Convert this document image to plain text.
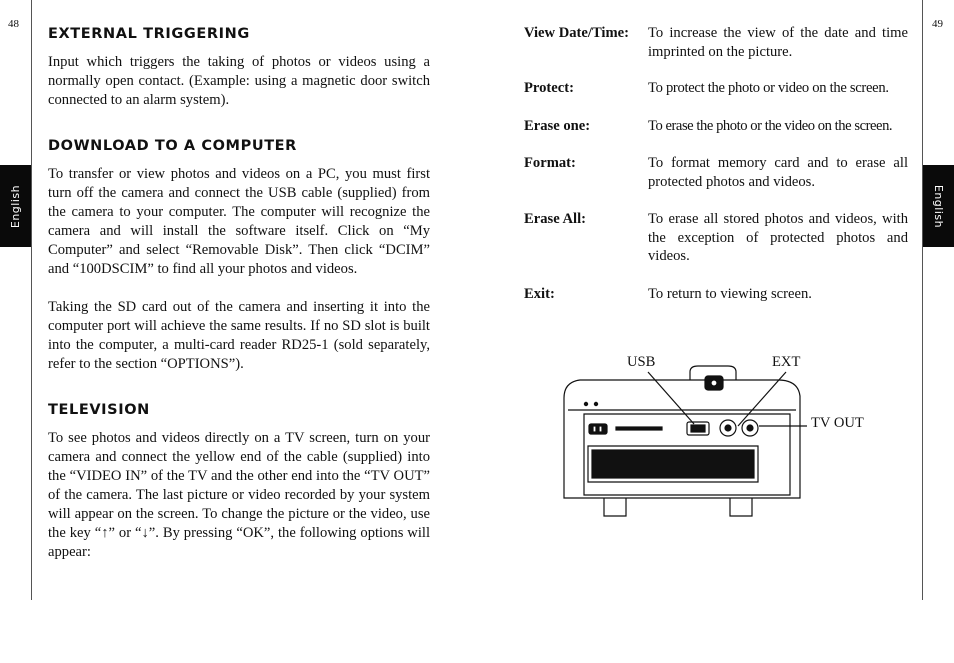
48	49
English	English
EXTERNAL TRIGGERING

Input which triggers the taking of photos or videos using a normally open contact. (Example: using a magnetic door switch connected to an alarm system).

DOWNLOAD TO A COMPUTER

To transfer or view photos and videos on a PC, you must first turn off the camera and connect the USB cable (supplied) from the camera to your computer. The computer will recognize the camera and will install the software itself. Click on “My Computer” and select “Removable Disk”. Then click “DCIM” and “100DSCIM” to find all your photos and videos.

Taking the SD card out of the camera and inserting it into the computer port will achieve the same results. If no SD slot is built into the computer, a multi-card reader RD25-1 (sold separately, refer to the section “OPTIONS”).

TELEVISION

To see photos and videos directly on a TV screen, turn on your camera and connect the yellow end of the cable (supplied) into the “VIDEO IN” of the TV and the other end into the “TV OUT” of the camera. The last picture or video recorded by your system will appear on the screen. To change the picture or the video, use the key “↑” or “↓”. By pressing “OK”, the following options will appear:

View Date/Time:	To increase the view of the date and time imprinted on the picture.
Protect:	To protect the photo or video on the screen.
Erase one:	To erase the photo or the video on the screen.
Format:	To format memory card and to erase all protected photos and videos.
Erase All:	To erase all stored photos and videos, with the exception of protected photos and videos.
Exit:	To return to viewing screen.
USB	EXT
TV OUT
